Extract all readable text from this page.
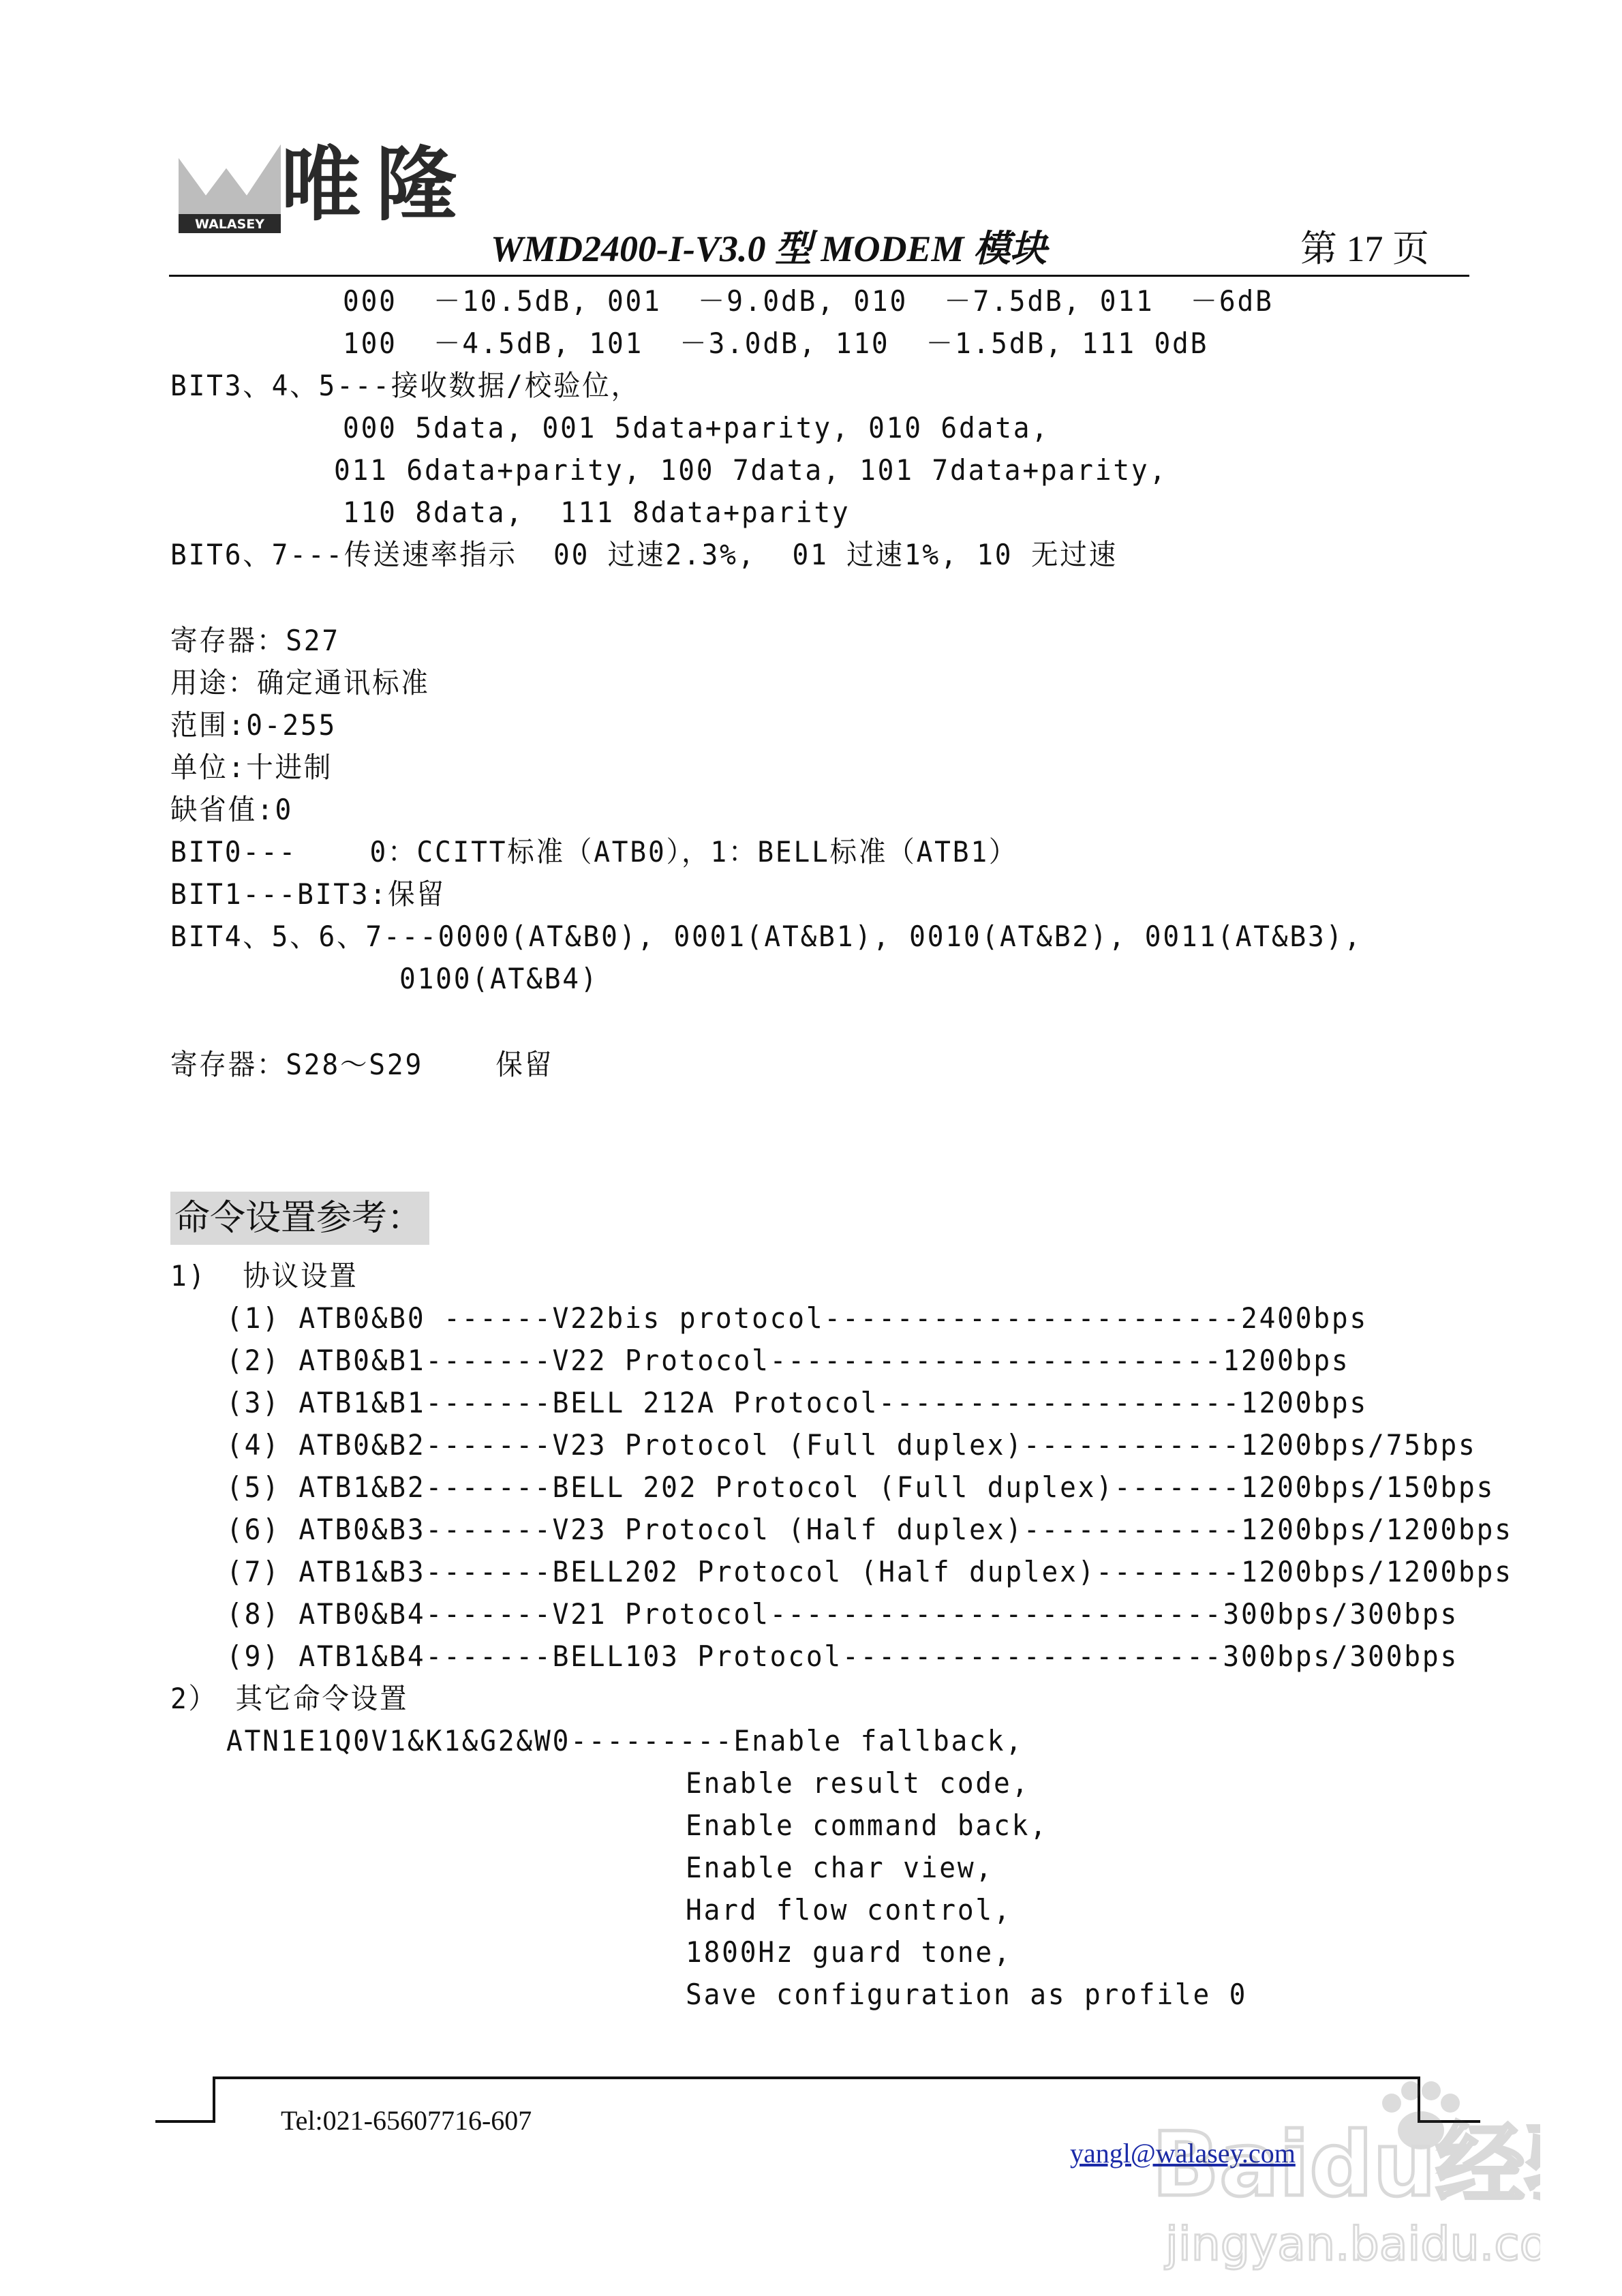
WALASEY 唯隆
WMD2400-I-V3.0 型 MODEM 模块	第 17 页
000  －10.5dB, 001  －9.0dB, 010  －7.5dB, 011  －6dB
100  －4.5dB, 101  －3.0dB, 110  －1.5dB, 111 0dB
BIT3、4、5---接收数据/校验位，
000 5data, 001 5data+parity, 010 6data,
011 6data+parity, 100 7data, 101 7data+parity,
110 8data,  111 8data+parity
BIT6、7---传送速率指示  00 过速2.3%,  01 过速1%, 10 无过速
寄存器：S27
用途：确定通讯标准
范围:0-255
单位:十进制
缺省值:0
BIT0---    0：CCITT标准（ATB0），1：BELL标准（ATB1）
BIT1---BIT3:保留
BIT4、5、6、7---0000(AT&B0), 0001(AT&B1), 0010(AT&B2), 0011(AT&B3),
0100(AT&B4)
寄存器：S28～S29    保留
命令设置参考：
1)  协议设置
(1) ATB0&B0 ------V22bis protocol-----------------------2400bps
(2) ATB0&B1-------V22 Protocol-------------------------1200bps
(3) ATB1&B1-------BELL 212A Protocol--------------------1200bps
(4) ATB0&B2-------V23 Protocol (Full duplex)------------1200bps/75bps
(5) ATB1&B2-------BELL 202 Protocol (Full duplex)-------1200bps/150bps
(6) ATB0&B3-------V23 Protocol (Half duplex)------------1200bps/1200bps
(7) ATB1&B3-------BELL202 Protocol (Half duplex)--------1200bps/1200bps
(8) ATB0&B4-------V21 Protocol-------------------------300bps/300bps
(9) ATB1&B4-------BELL103 Protocol---------------------300bps/300bps
2） 其它命令设置
ATN1E1Q0V1&K1&G2&W0---------Enable fallback,
Enable result code,
Enable command back,
Enable char view,
Hard flow control,
1800Hz guard tone,
Save configuration as profile 0
Tel:021-65607716-607
yangl@walasey.com
Baidu经
jingyan.baidu.co
